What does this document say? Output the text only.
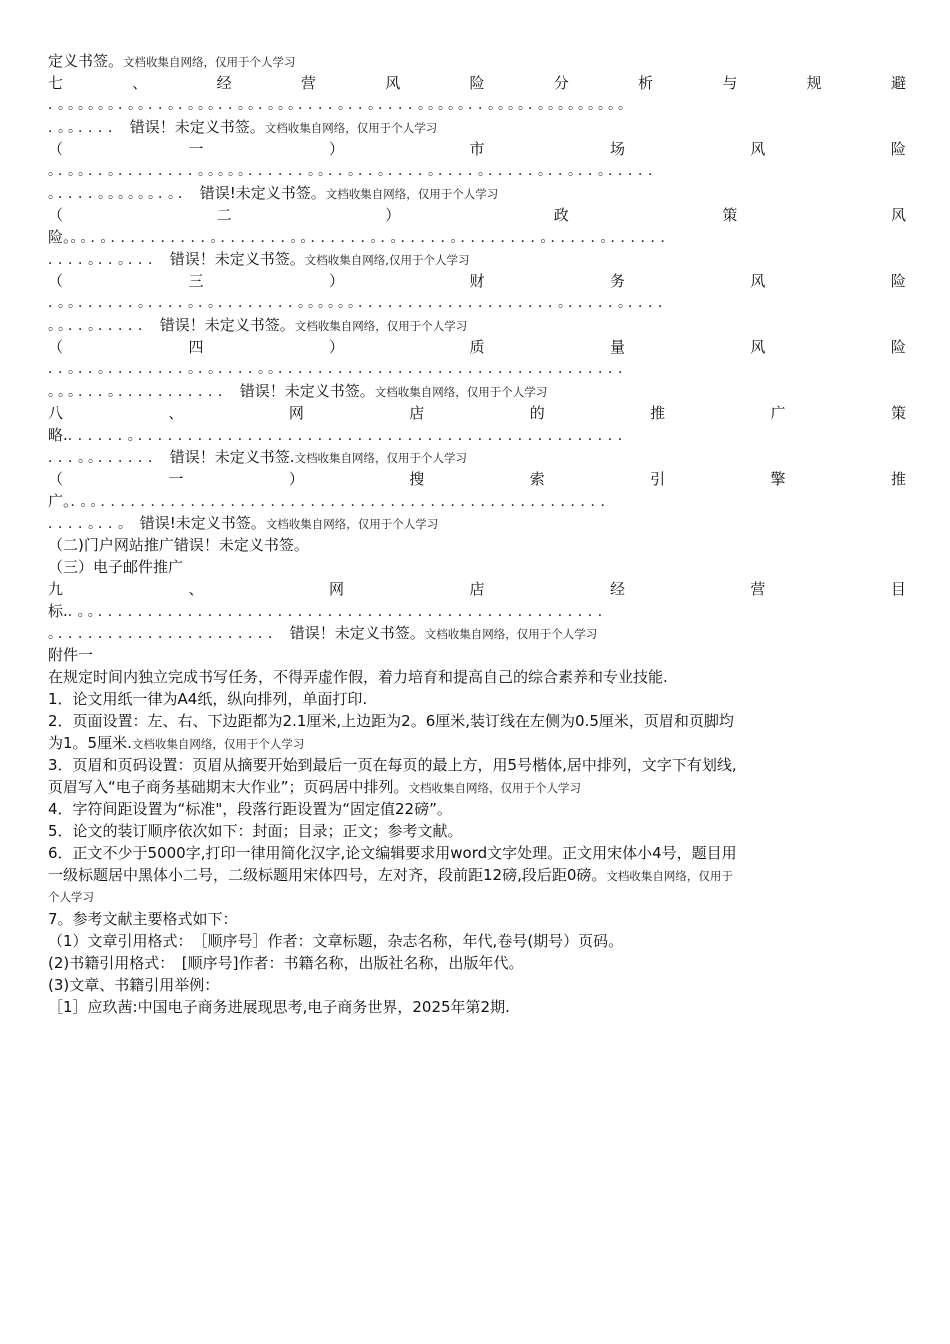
定义书签。文档收集自网络，仅用于个人学习
七	、	经	营	风	险	分	析	与	规	避
．。。。。。。．。。．．。．。。。．．。。．。。。．．．．。．．。．．．．。。。。。．．。。。。．。。。。。。。。。
．。。．．．． 错误！未定义书签。文档收集自网络，仅用于个人学习
（	一	）	市	场	风	险
。．。。．．。．．．．．．．．。。。。。．．．．．．。。．．。．．。．．．．。．．．．。．．．．．。．．。．．。．．．．．
。．．．．。。。。。。．。． 错误!未定义书签。文档收集自网络，仅用于个人学习
（	二	）	政	策	风
险。。。．。．．．．．．．．．．。．．．．．．．。。．．．．．．。．。．．．．．。．．．．．．．．。．．．．．。．．．．．．
．．．．。．．。．．． 错误！未定义书签。文档收集自网络,仅用于个人学习
（	三	）	财	务	风	险
．。。．．．．．．。．．．．。．。．．．．．．．．。。。。。。．．．．．．．．．．．．．．．．．．．．。．．．．．。．．．．
。。．．。．．．．． 错误！未定义书签。文档收集自网络，仅用于个人学习
（	四	）	质	量	风	险
．．。．．。．．．．．．．．。．。．．．．。。．．．．．．．．．．．．．．．．．．．．．．．．．．．．．．．．．．．
。。。．．．。．．．．．．．．．．． 错误！未定义书签。文档收集自网络，仅用于个人学习
八	、	网	店	的	推	广	策
略.．．．．．．。．．．．．．．．．．．．．．．．．．．．．．．．．．．．．．．．．．．．．．．．．．．．．．．．．
．．．。。．．．．．． 错误！未定义书签.文档收集自网络，仅用于个人学习
（	一	）	搜	索	引	擎	推
广。．。。．．．．．．．．．．．．．．．．．．．．．．．．．．．．．．．．．．．．．．．．．．．．．．．．．．．
．．．．。．．。 错误!未定义书签。文档收集自网络，仅用于个人学习
（二)门户网站推广错误！未定义书签。
（三）电子邮件推广
九	、	网	店	经	营	目
标.．。。．．．．．．．．．．．．．．．．．．．．．．．．．．．．．．．．．．．．．．．．．．．．．．．．．．．
。．．．．．．．．．．．．．．．．．．．．．． 错误！未定义书签。文档收集自网络，仅用于个人学习
附件一
在规定时间内独立完成书写任务，不得弄虚作假，着力培育和提高自己的综合素养和专业技能.
1．论文用纸一律为A4纸，纵向排列，单面打印.
2．页面设置：左、右、下边距都为2.1厘米,上边距为2。6厘米,装订线在左侧为0.5厘米，页眉和页脚均
为1。5厘米.文档收集自网络，仅用于个人学习
3．页眉和页码设置：页眉从摘要开始到最后一页在每页的最上方，用5号楷体,居中排列，文字下有划线,
页眉写入“电子商务基础期末大作业”；页码居中排列。文档收集自网络，仅用于个人学习
4．字符间距设置为“标准"，段落行距设置为“固定值22磅”。
5．论文的装订顺序依次如下：封面；目录；正文；参考文献。
6．正文不少于5000字,打印一律用简化汉字,论文编辑要求用word文字处理。正文用宋体小4号，题目用
一级标题居中黑体小二号，二级标题用宋体四号，左对齐，段前距12磅,段后距0磅。文档收集自网络，仅用于
个人学习
7。参考文献主要格式如下：
（1）文章引用格式：　［顺序号］作者：文章标题，杂志名称，年代,卷号(期号）页码。
(2)书籍引用格式：　[顺序号]作者：书籍名称，出版社名称，出版年代。
(3)文章、书籍引用举例：
［1］应玖茜:中国电子商务进展现思考,电子商务世界，2025年第2期.
